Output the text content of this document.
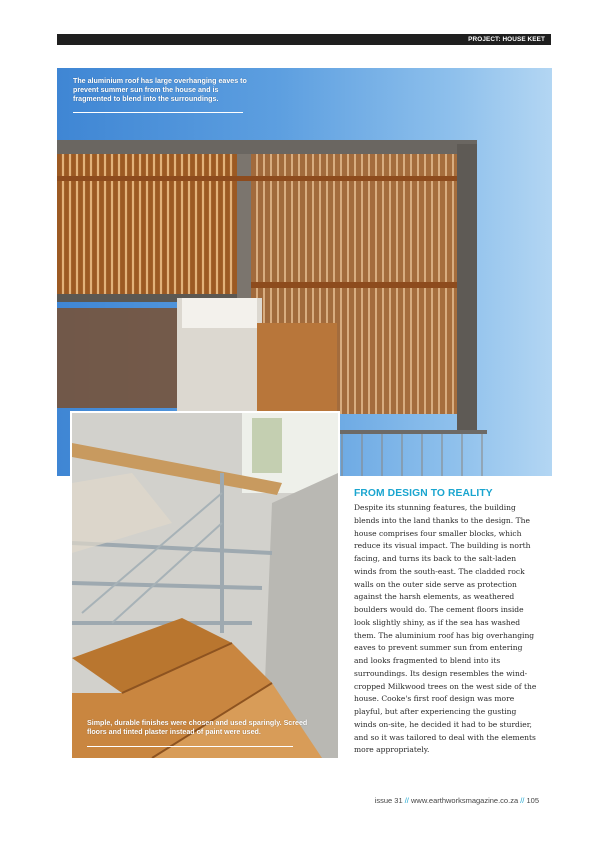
PROJECT: HOUSE KEET
The aluminium roof has large overhanging eaves to prevent summer sun from the house and is fragmented to blend into the surroundings.
Simple, durable finishes were chosen and used sparingly. Screed floors and tinted plaster instead of paint were used.
FROM DESIGN TO REALITY
Despite its stunning features, the building blends into the land thanks to the design. The house comprises four smaller blocks, which reduce its visual impact. The building is north facing, and turns its back to the salt-laden winds from the south-east. The cladded rock walls on the outer side serve as protection against the harsh elements, as weathered boulders would do. The cement floors inside look slightly shiny, as if the sea has washed them. The aluminium roof has big overhanging eaves to prevent summer sun from entering and looks fragmented to blend into its surroundings. Its design resembles the wind-cropped Milkwood trees on the west side of the house. Cooke's first roof design was more playful, but after experiencing the gusting winds on-site, he decided it had to be sturdier, and so it was tailored to deal with the elements more appropriately.
issue 31 // www.earthworksmagazine.co.za // 105
